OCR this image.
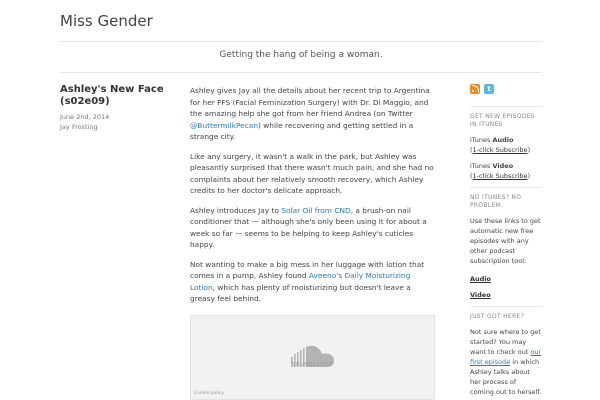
Miss Gender
Getting the hang of being a woman.
Ashley's New Face
(s02e09)
June 2nd, 2014
Jay Frosting

Ashley gives Jay all the details about her recent trip to Argentina for her FFS (Facial Feminization Surgery) with Dr. Di Maggio, and the amazing help she got from her friend Andrea (on Twitter @ButtermilkPecan) while recovering and getting settled in a strange city.

Like any surgery, it wasn't a walk in the park, but Ashley was pleasantly surprised that there wasn't much pain, and she had no complaints about her relatively smooth recovery, which Ashley credits to her doctor's delicate approach.

Ashley introduces Jay to Solar Oil from CND, a brush-on nail conditioner that — although she's only been using it for about a week so far — seems to be helping to keep Ashley's cuticles happy.

Not wanting to make a big mess in her luggage with lotion that comes in a pump, Ashley found Aveeno's Daily Moisturizing Lotion, which has plenty of moisturizing but doesn't leave a greasy feel behind.

SOUNDCLOUD
Cookie policy
t
GET NEW EPISODES IN ITUNES
iTunes Audio
(1-click Subscribe)
iTunes Video
(1-click Subscribe)
NO ITUNES? NO PROBLEM.
Use these links to get automatic new free episodes with any other podcast subscription tool:
Audio
Video
JUST GOT HERE?
Not sure where to get started? You may want to check out our first episode in which Ashley talks about her process of coming out to herself.
